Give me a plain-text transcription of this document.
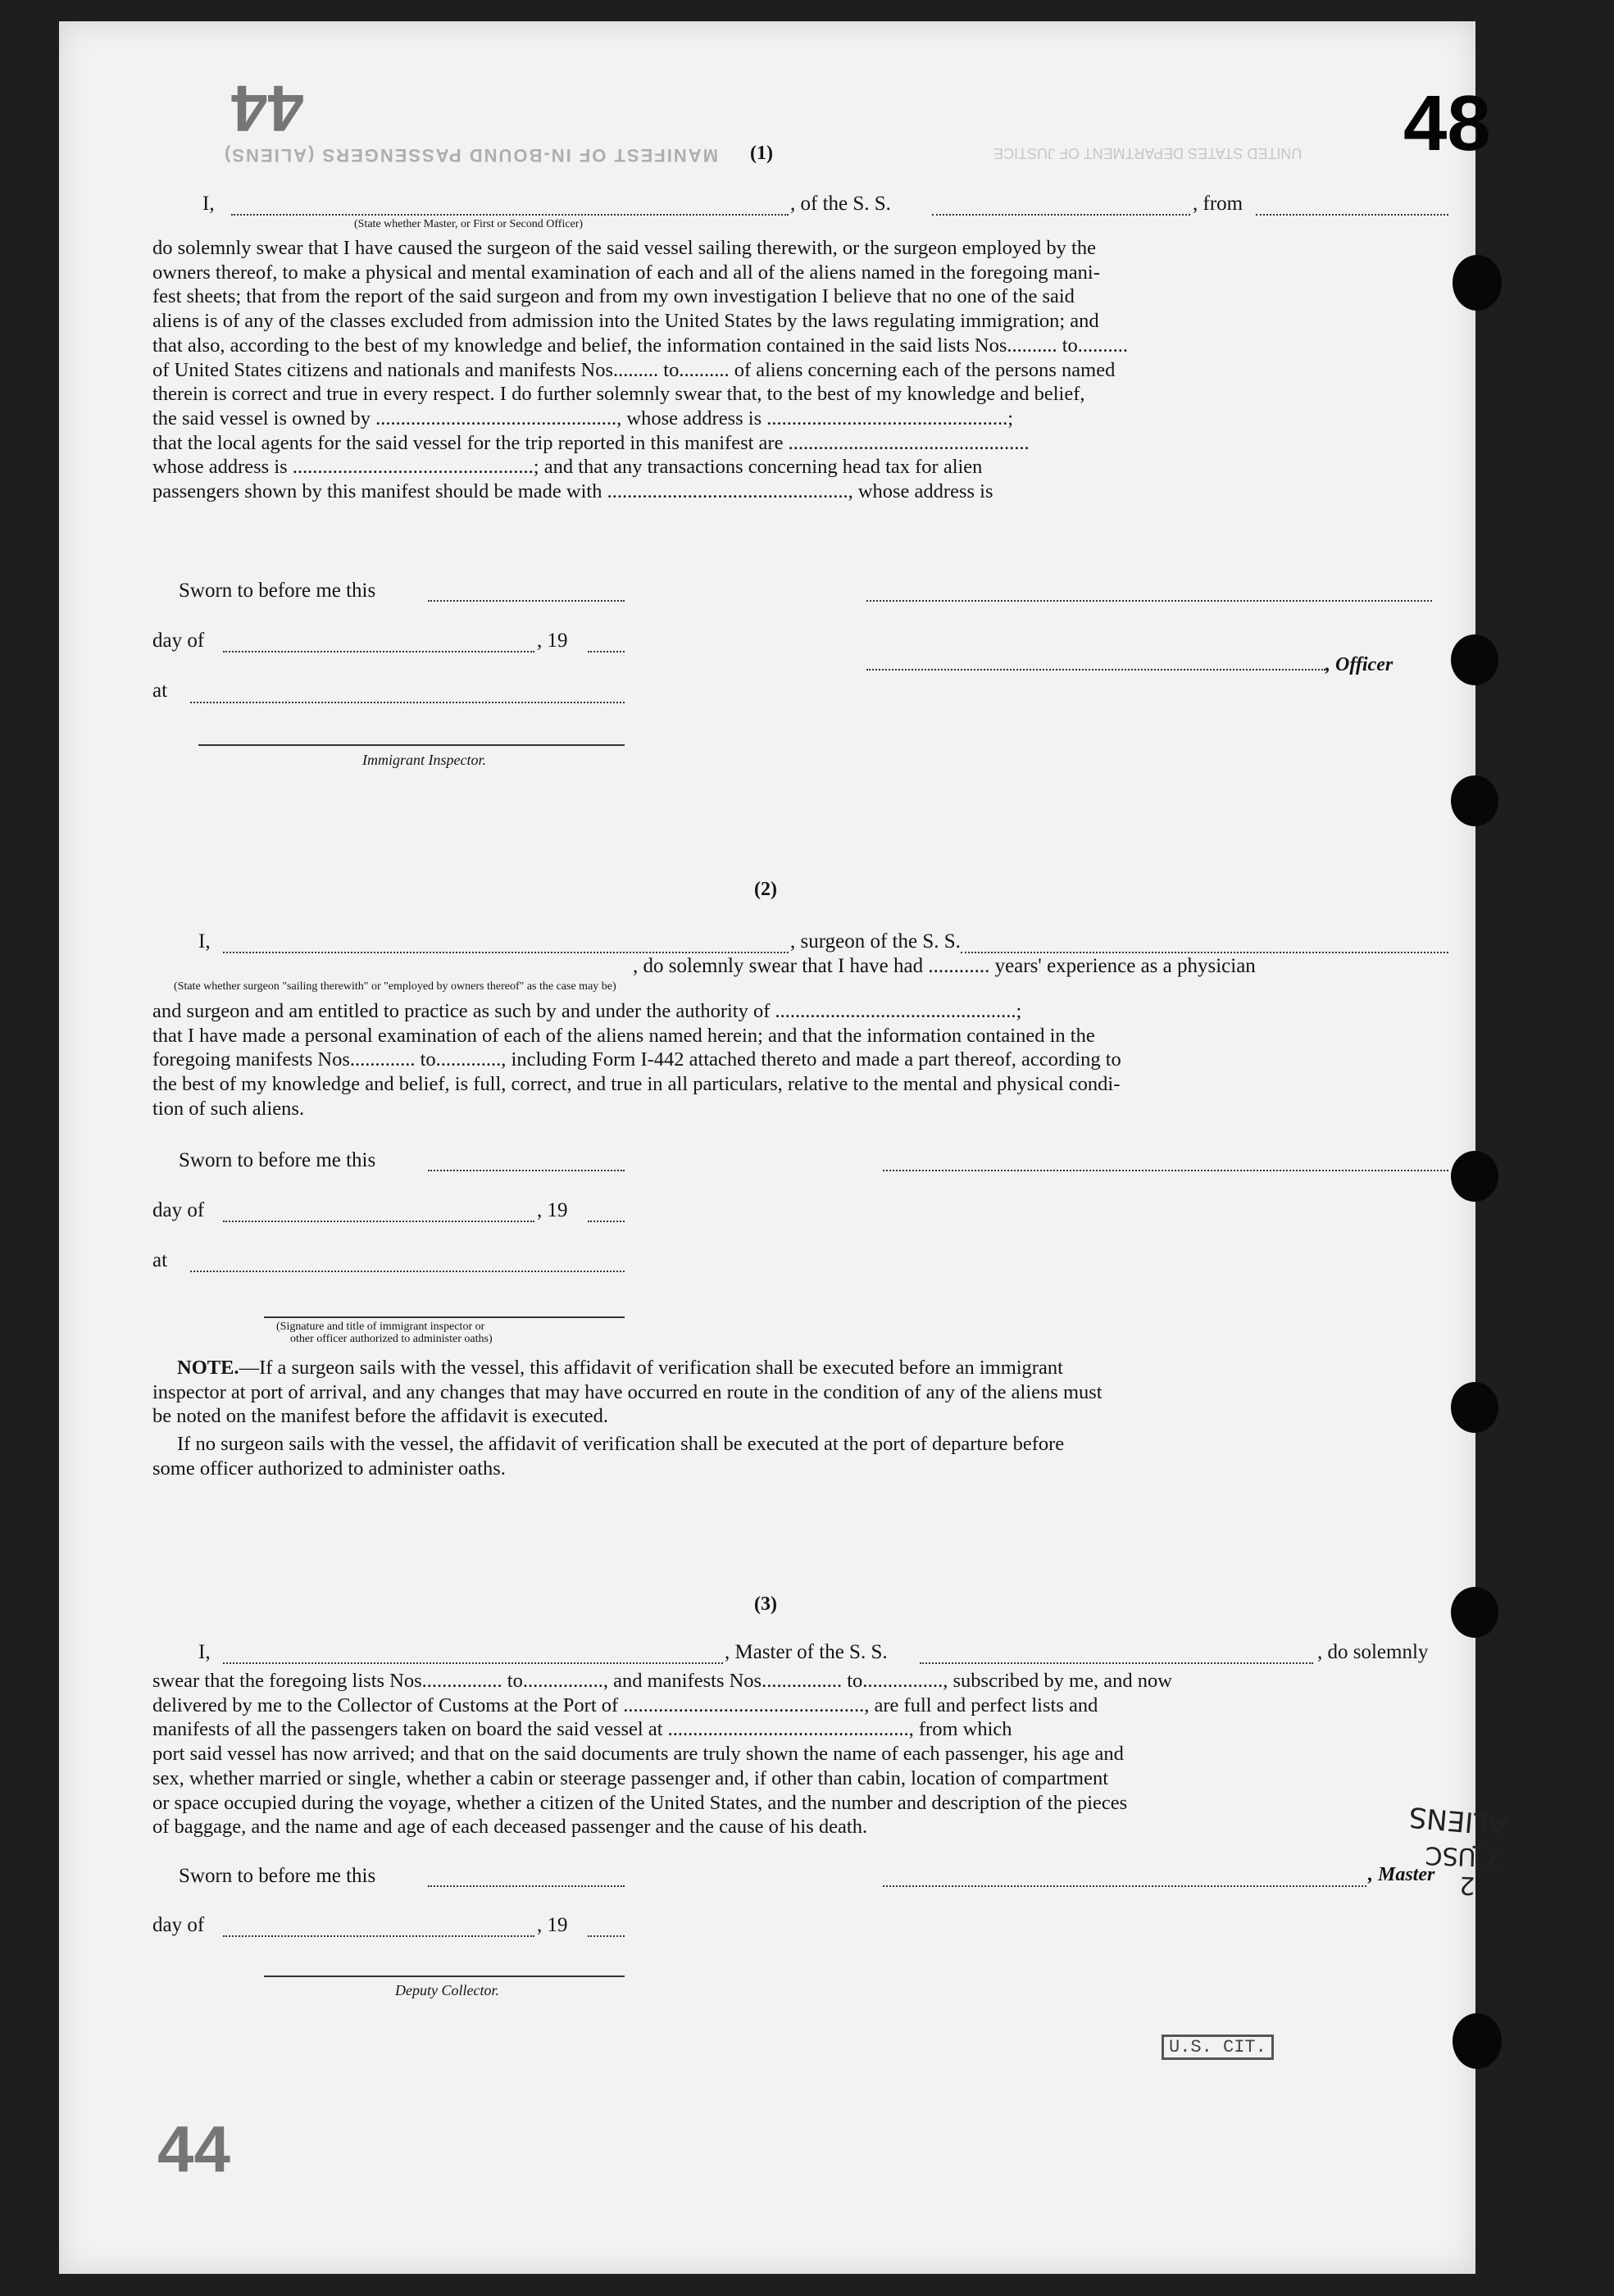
MANIFEST OF IN-BOUND PASSENGERS (ALIENS)	UNITED STATES DEPARTMENT OF JUSTICE
44
44
U.S. CIT.
(1)
I,	, of the S. S.	, from
(State whether Master, or First or Second Officer)

do solemnly swear that I have caused the surgeon of the said vessel sailing therewith, or the surgeon employed by the

owners thereof, to make a physical and mental examination of each and all of the aliens named in the foregoing mani-

fest sheets; that from the report of the said surgeon and from my own investigation I believe that no one of the said

aliens is of any of the classes excluded from admission into the United States by the laws regulating immigration; and

that also, according to the best of my knowledge and belief, the information contained in the said lists Nos.......... to..........

of United States citizens and nationals and manifests Nos......... to.......... of aliens concerning each of the persons named

therein is correct and true in every respect. I do further solemnly swear that, to the best of my knowledge and belief,

the said vessel is owned by ................................................, whose address is ................................................;

that the local agents for the said vessel for the trip reported in this manifest are ................................................

whose address is ................................................; and that any transactions concerning head tax for alien

passengers shown by this manifest should be made with ................................................, whose address is

Sworn to before me this
day of	, 19
, Officer
at
Immigrant Inspector.
(2)
I,	, surgeon of the S. S.
(State whether surgeon "sailing therewith" or "employed by owners thereof" as the case may be)
, do solemnly swear that I have had ............ years' experience as a physician

and surgeon and am entitled to practice as such by and under the authority of ................................................;

that I have made a personal examination of each of the aliens named herein; and that the information contained in the

foregoing manifests Nos............. to............., including Form I-442 attached thereto and made a part thereof, according to

the best of my knowledge and belief, is full, correct, and true in all particulars, relative to the mental and physical condi-

tion of such aliens.

Sworn to before me this
day of	, 19
at
(Signature and title of immigrant inspector or
other officer authorized to administer oaths)

NOTE.—If a surgeon sails with the vessel, this affidavit of verification shall be executed before an immigrant

inspector at port of arrival, and any changes that may have occurred en route in the condition of any of the aliens must

be noted on the manifest before the affidavit is executed.

If no surgeon sails with the vessel, the affidavit of verification shall be executed at the port of departure before

some officer authorized to administer oaths.

(3)
I,	, Master of the S. S.	, do solemnly

swear that the foregoing lists Nos................ to................, and manifests Nos................ to................, subscribed by me, and now

delivered by me to the Collector of Customs at the Port of ................................................, are full and perfect lists and

manifests of all the passengers taken on board the said vessel at ................................................, from which

port said vessel has now arrived; and that on the said documents are truly shown the name of each passenger, his age and

sex, whether married or single, whether a cabin or steerage passenger and, if other than cabin, location of compartment

or space occupied during the voyage, whether a citizen of the United States, and the number and description of the pieces

of baggage, and the name and age of each deceased passenger and the cause of his death.

Sworn to before me this	, Master
day of	, 19
Deputy Collector.
48
21 ALIENS
2 USC
